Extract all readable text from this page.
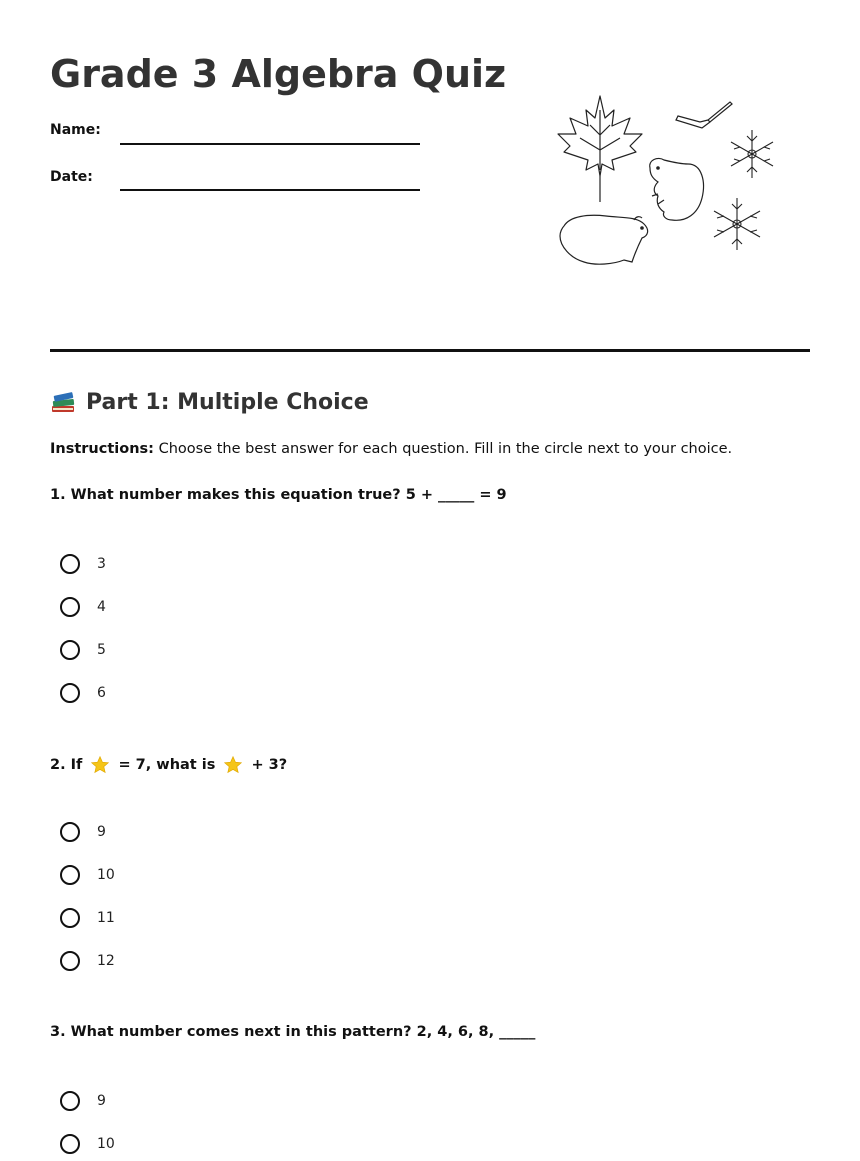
Grade 3 Algebra Quiz
Name:
Date:
Part 1: Multiple Choice
Instructions: Choose the best answer for each question. Fill in the circle next to your choice.
1. What number makes this equation true? 5 + _____ = 9
3
4
5
6
2. If = 7, what is + 3?
9
10
11
12
3. What number comes next in this pattern? 2, 4, 6, 8, _____
9
10
